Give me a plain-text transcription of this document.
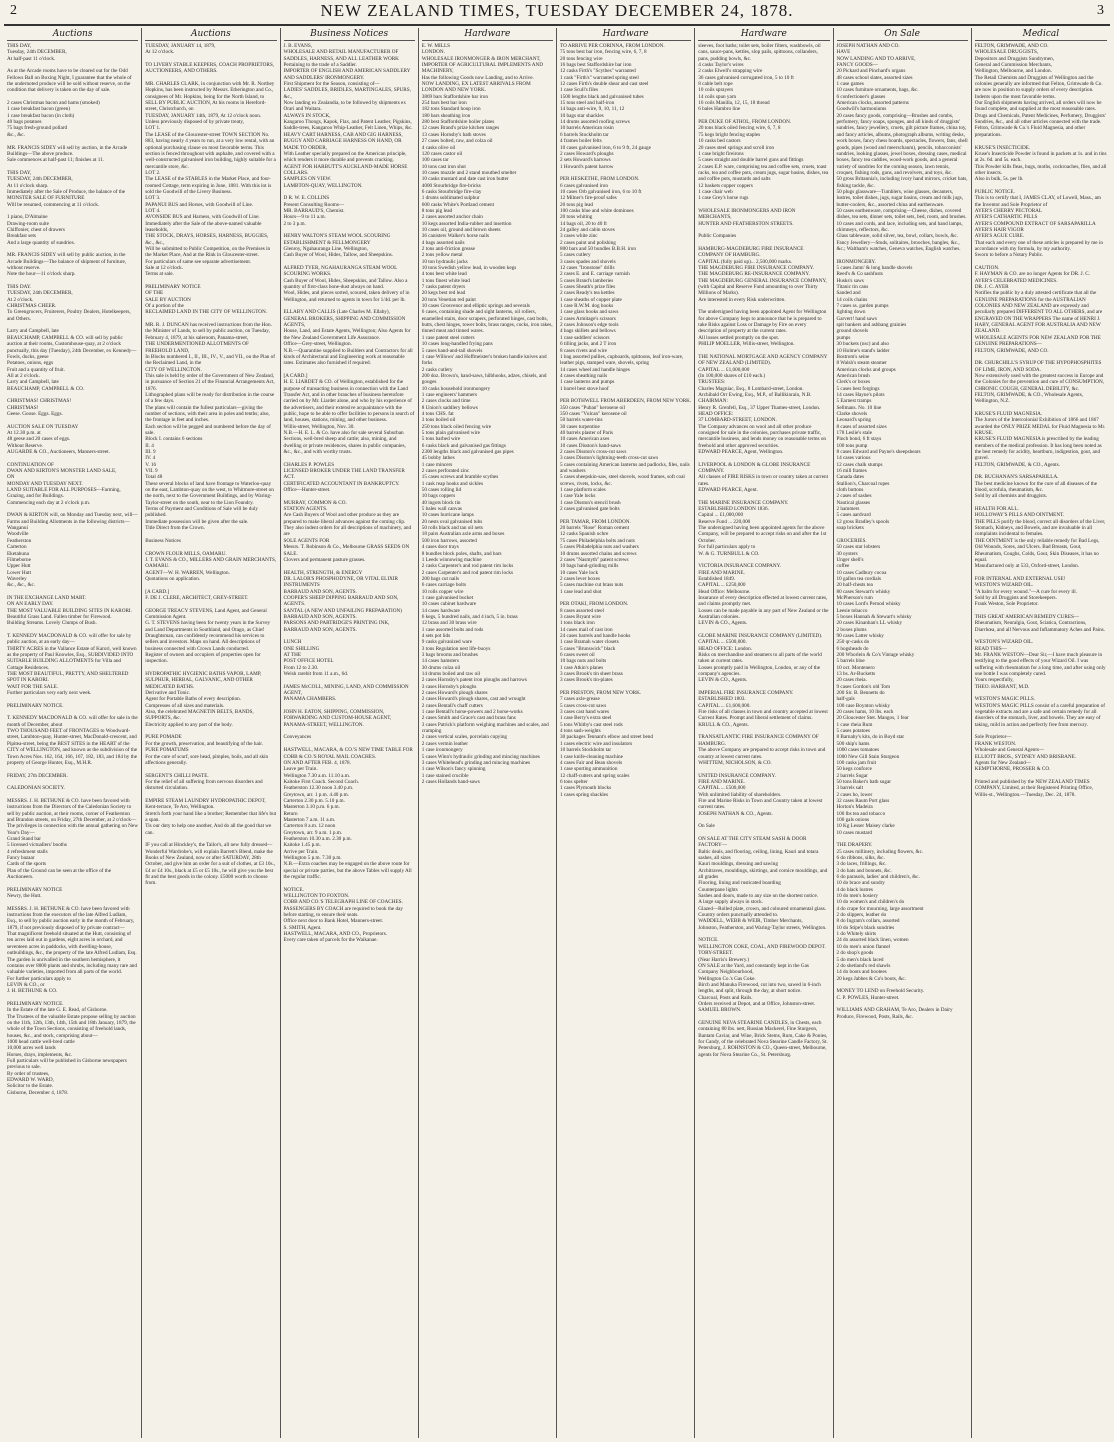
2	NEW ZEALAND TIMES, TUESDAY DECEMBER 24, 1878.	3
Auctions
THIS DAY,
Tuesday, 24th DECEMBER,
At half-past 11 o'clock.

As at the Arcade rooms have to be cleared out for the Odd Fellows Ball on Boxing Night, I guarantee that the whole of the undernoted produce will be sold without reserve, on the condition that delivery is taken on the day of sale.

2 cases Christmas bacon and hams (smoked)
1 case breakfast bacon (green)
1 case breakfast bacon (in cloth)
40 bags potatoes
75 bags fresh-ground pollard
&c., &c.

MR. FRANCIS SIDEY will sell by auction, in the Arcade Buildings—The above produce.
Sale commences at half-past 11; finishes at 11.

THIS DAY,
TUESDAY, 24th DECEMBER,
At 11 o'clock sharp.
Immediately after the Sale of Produce, the balance of the
MONSTER SALE OF FURNITURE
Will be resumed, commencing at 11 o'clock.

1 piano, D'Almaine
Drawing-room suite
Chiffonier, chest of drawers
Breakfast sets
And a large quantity of sundries.

MR. FRANCIS SIDEY will sell by public auction, in the Arcade Buildings—The balance of shipment of furniture, without reserve.
Note the hour—11 o'clock sharp.

THIS DAY.
TUESDAY, 24th DECEMBER,
At 2 o'clock.
CHRISTMAS CHEER.
To Greengrocers, Fruiterers, Poultry Dealers, Hotelkeepers, and Others.

Larry and Campbell, late
BEAUCHAMP, CAMPBELL & CO. will sell by public auction at their rooms, Customhouse-quay, at 2 o'clock punctually, this day (Tuesday), 24th December, ex Kennedy—
Fowls, ducks, geese
Potatoes, onions, eggs
Fruit and a quantity of fruit.
All at 2 o'clock.
Larry and Campbell, late
BEAUCHAMP, CAMPBELL & CO.

CHRISTMAS! CHRISTMAS!
CHRISTMAS!
Geese. Goose. Eggs. Eggs.

AUCTION SALE ON TUESDAY
At 12.30 p.m. at
48 geese and 20 cases of eggs.
Without Reserve.
AUGARDE & CO., Auctioneers, Manners-street.

CONTINUATION OF
DWAN AND KIRTON'S MONSTER LAND SALE,
ON
MONDAY AND TUESDAY NEXT.
LAND SUITABLE FOR ALL PURPOSES—Farming, Grazing, and for Buildings.
Commencing each day at 2 o'clock p.m.

DWAN & KIRTON will, on Monday and Tuesday next, will—
Farms and Building Allotments in the following districts—
Wanganui
Woodville
Featherston
Carterton
Eketahuna
Filmeborne
Upper Hutt
Lower Hutt
Waverley
&c., &c., &c.

IN THE EXCHANGE LAND MART.
ON AN EARLY DAY.
THE MOST VALUABLE BUILDING SITES IN KARORI.
Beautiful Grass Land. Fallen timber for Firewood.
Building Streams. Lovely Clumps of Bush.

T. KENNEDY MACDONALD & CO. will offer for sale by public auction, at an early day—
THIRTY ACRES in the Vallance Estate of Karori, well known as the property of Paul Knowles, Esq., SUBDIVIDED INTO SUITABLE BUILDING ALLOTMENTS for Villa and Cottage Residences.
THE MOST BEAUTIFUL, PRETTY, AND SHELTERED SPOT IN KARORI.
WAIT FOR THE SALE.
Further particulars very early next week.

PRELIMINARY NOTICE.

T. KENNEDY MACDONALD & CO. will offer for sale in the month of December, about
TWO THOUSAND FEET of FRONTAGES to Woodward-street, Lambton-quay, Hunter-street, MacDonald-crescent, and Pipitea-street, being the BEST SITES in the HEART of the CITY of WELLINGTON, and known as the subdivision of the Town Acres Nos. 162, 164, 166, 167, 182, 183, and 184 by the property of George Hunter, Esq., M.H.R.

FRIDAY, 27th DECEMBER.

CALEDONIAN SOCIETY.

MESSRS. J. H. BETHUNE & CO. have been favored with instructions from the Directors of the Caledonian Society to sell by public auction, at their rooms, corner of Featherston and Brandon streets, on Friday, 27th December, at 2 o'clock—
The privileges in connection with the annual gathering on New Year's Day—
Grand Stand bar
5 licensed victuallers' booths
4 refreshment stalls
Fancy bazaar
Cards of the sports
Plan of the Ground can be seen at the office of the Auctioneers.

PRELIMINARY NOTICE
Newry, the Hutt.

MESSRS. J. H. BETHUNE & CO. have been favored with instructions from the executors of the late Alfred Ludlam, Esq., to sell by public auction early in the month of February, 1879, if not previously disposed of by private contract—
That magnificent freehold situated at the Hutt, consisting of ten acres laid out in gardens, eight acres in orchard, and seventeen acres in paddocks, with dwelling-house, outbuildings, &c., the property of the late Alfred Ludlam, Esq.
The garden is unrivalled in the southern hemisphere, it contains over 8000 plants and shrubs, including many rare and valuable varieties, imported from all parts of the world.
For further particulars apply to
LEVIN & CO., or
J. H. BETHUNE & CO.

PRELIMINARY NOTICE.
In the Estate of the late G. E. Read, of Gisborne.
The Trustees of the valuable Estate propose selling by auction on the 11th, 12th, 13th, 14th, 15th and 18th January, 1879, the whole of the Town Sections, consisting of freehold lands, houses, &c., and stock, comprising about—
1000 head cattle well-bred cattle
10,000 acres well lands
Horses, drays, implements, &c.
Full particulars will be published in Gisborne newspapers previous to sale.
By order of trustees,
EDWARD W. WARD,
Solicitor to the Estate.
Gisborne, December 4, 1878.
Auctions
TUESDAY, JANUARY 14, 1879,
At 12 o'clock.

TO LIVERY STABLE KEEPERS, COACH PROPRIETORS, AUCTIONEERS, AND OTHERS.

MR. CHARLES CLARK, in conjunction with Mr. R. Northey Hopkins, has been instructed by Messrs. Etherington and Co., consignees of Mr. Hopkins, being for the North Island, to SELL BY PUBLIC AUCTION, At his rooms in Hereford-street, Christchurch, on
TUESDAY, JANUARY 14th, 1879, At 12 o'clock noon.
Unless previously disposed of by private treaty,
LOT 1.
The LEASE of the Gloucester-street TOWN SECTION No. 883, having nearly 4 years to run, at a very low rental, with an optional purchasing clause on most favorable terms. This section is fenced throughout with asphalte, and covered with a well-constructed galvanised iron building, highly suitable for a mercantile store, &c.
LOT 2.
The LEASE of the STABLES in the Market Place, and four-roomed Cottage, term expiring in June, 1881. With this lot is sold the Goodwill of the Livery Business.
LOT 3.
PAPANUI BUS and Horses, with Goodwill of Line.
LOT 4.
AVONSIDE BUS and Harness, with Goodwill of Line.
Immediately after the Sale of the above-named valuable leaseholds,
THE STOCK, DRAYS, HORSES, HARNESS, BUGGIES, &c., &c.,
Will be submitted to Public Competition, on the Premises in the Market Place, And at the Rink in Gloucester-street.
For particulars of same see separate advertisement.
Sale at 12 o'clock.
Terms at sale.

PRELIMINARY NOTICE
OF THE
SALE BY AUCTION
Of a portion of the
RECLAIMED LAND IN THE CITY OF WELLINGTON.

MR. R. J. DUNCAN has received instructions from the Hon. the Minister of Lands, to sell by public auction, on Tuesday, February 4, 1879, at his saleroom, Panama-street,
THE UNDERMENTIONED ALLOTMENTS OF FREEHOLD LAND,
In Blocks numbered I., II., III., IV., V., and VII., on the Plan of the Reclaimed Land, in the
CITY OF WELLINGTON.
This sale is held by order of the Government of New Zealand, in pursuance of Section 21 of the Financial Arrangements Act, 1876.
Lithographed plans will be ready for distribution in the course of a few days.
The plans will contain the fullest particulars—giving the number of sections, with their area in poles and tenths; also, the frontage in feet and inches.
Each section will be pegged and numbered before the day of sale.
Block I. contains 6 sections
II. 4
III. 9
IV. 4
V. 16
VII. 9
Total 48
These several blocks of land have frontage to Waterloo-quay on the east, Lambton-quay on the west, to Whitmore-street on the north, next to the Government Buildings, and by Waring-Taylor-street on the south, near to the Lion Foundry.
Terms of Payment and Conditions of Sale will be duly published.
Immediate possession will be given after the sale.
Title Direct from the Crown.

Business Notices

CROWN FLOUR MILLS, OAMARU.
J. T. EVANS & CO., MILLERS AND GRAIN MERCHANTS, OAMARU.
AGENT—W. H. WARREN, Wellington.
Quotations on application.

[A CARD.]
F. DE J. CLERE, ARCHITECT, GREY-STREET.

GEORGE TREACY STEVENS, Land Agent, and General Commission Agent.
G. T. STEVENS having been for twenty years in the Survey and Land Departments in Southland, and Otago, as Chief Draughtsman, can confidently recommend his services to sellers and investors. Maps on hand. All descriptions of business connected with Crown Lands conducted.
Register of owners and occupiers of properties open for inspection.

HYDROPATHIC HYGIENIC BATHS VAPOR, LAMP, SULPHUR, HERBAL, GALVANIC, AND OTHER MEDICATED BATHS.
Derivative and Tonic.
Agent for Portable Baths of every description.
Compresses of all sizes and materials.
Also, the celebrated MAGNETIN BELTS, BANDS, SUPPORTS, &c.
Electricity applied to any part of the body.

PURE POMADE
For the growth, preservation, and beautifying of the hair.
PURE POMATUMS
For the cure of scurf, sore head, pimples, boils, and all skin affections generally.

SERGENT'S CHILLI PASTE.
For the relief of all suffering from nervous disorders and distorted circulation.

EMPIRE STEAM LAUNDRY HYDROPATHIC DEPOT, Kent-terrace, Te Aro, Wellington.
Stretch forth your hand like a brother; Remember that life's but a span.
Tis our duty to help one another, And do all the good that we can.

IF you call at Hinckley's, the Tailor's, all new fully dressed—Wonderful Wardrobe's, will explain Barrett's Blend, make the Books of New Zealand, now or after SATURDAY, 28th October, and give him an order for a suit of clothes, at £3 10s., £4 or £4 10s., black at £5 or £5 10s., he will give you the best fit and the best goods in the colony. £5000 worth to choose from.
Business Notices
J. B. EVANS,
WHOLESALE AND RETAIL MANUFACTURER OF SADDLES, HARNESS, AND ALL LEATHER WORK
Pertaining to the trade of a Saddler.
IMPORTER OF ENGLISH AND AMERICAN SADDLERY AND SADDLERS' IRONMONGERY.
First Shipment for the Season, consisting of—
LADIES' SADDLES, BRIDLES, MARTINGALES, SPURS, &c.,
Now landing ex Zealandia, to be followed by shipments ex Orari and Waitara.
ALWAYS IN STOCK,
Kangaroo Thongs, Kapok, Flax, and Patent Leather, Pigskins, Saddle-trees, Kangaroo Whip-Leather, Felt Linen, Whips, &c.
HEAVY CART HARNESS, CAB AND GIG HARNESS, BUGGY AND CARRIAGE HARNESS ON HAND, OR MADE TO ORDER,
With Leather specially prepared on the American principle, which renders it more durable and prevents cracking.
AGENT FOR HARBUTT'S AUCKLAND-MADE HORSE COLLARS.
SAMPLES ON VIEW.
LAMBTON-QUAY, WELLINGTON.

D R. W. E. COLLINS
Present Consulting Rooms—
MR. BARRAUD'S, Chemist.
Hours—9 to 11 a.m.
2 to 3 p.m.

HENRY WALTON'S STEAM WOOL SCOURING ESTABLISHMENT & FELLMONGERY
Glenroy, Ngahauranga Line, Wellington,
Cash Buyer of Wool, Hides, Tallow, and Sheepskins.

ALFRED TYER, NGAHAURANGA STEAM WOOL SCOURING WORKS.
Cash Buyer of Wool, Hides, Sheepskins, and Tallow. Also a quantity of first-class bone-dust always on hand.
Wool, Hides, and pieces sorted, scoured, taken delivery of in Wellington, and returned to agents in town for 1/4d. per lb.

ELLABY AND CALLIS (Late Charles M. Ellaby), GENERAL BROKERS, SHIPPING AND COMMISSION AGENTS,
House, Land, and Estate Agents, Wellington; Also Agents for the New Zealand Government Life Assurance.
Office—Grey-street, Wellington.
N.B.—Quarantine supplied to Builders and Contractors for all kinds of Architectural and Engineering work at reasonable rates. Estimates also furnished if required.

[A CARD.]
H. E. LIARDET & CO. of Wellington, established for the purpose of transacting business in connection with the Land Transfer Act, and in other branches of business heretofore carried on by Mr. Liardet alone, and who by his experience of the advertisers, and their extensive acquaintance with the public, hope to be able to offer facilities to persons in search of land, houses, stations, mining, and other business.
Willis-street, Wellington, Nov. 30.
N.B.—H. E. L. & Co. have also for sale several Suburban Sections, well-bred sheep and cattle; also, mining, and dwelling or private residences, shares in public companies, &c., &c., and with worthy trusts.

CHARLES P. POWLES
LICENSED BROKER UNDER THE LAND TRANSFER ACT.
CERTIFICATED ACCOUNTANT IN BANKRUPTCY.
Office—Hunter-street.

MURRAY, COMMON & CO.
STATION AGENTS.
Are Cash Buyers of Wool and other produce as they are prepared to make liberal advances against the coming clip.
They also indent orders for all descriptions of machinery, and are
SOLE AGENTS FOR
Messrs. T. Robinson & Co., Melbourne GRASS SEEDS ON SALE.
Clovers and permanent pasture grasses.

HEALTH, STRENGTH, & ENERGY
DR. LALOR'S PHOSPHODYNE, OR VITAL ELIXIR INSTRUMENTS
BARRAUD AND SON, AGENTS.
COOPER'S SHEEP DIPPING BARRAUD AND SON, AGENTS.
SANTAL (A NEW AND UNFAILING PREPARATION) BARRAUD AND SON, AGENTS.
PARSONS AND PARTRIDGE'S PRINTING INK,
BARRAUD AND SON, AGENTS.

LUNCH
ONE SHILLING
AT THE
POST OFFICE HOTEL
From 12 to 2.30.
Welsh rarebit from 11 a.m., 6d.

JAMES McCOLL, MINING, LAND, AND COMMISSION AGENT,
PANAMA CHAMBERS.

JOHN H. EATON, SHIPPING, COMMISSION, FORWARDING AND CUSTOM-HOUSE AGENT,
PANAMA-STREET, WELLINGTON.

Conveyances

HASTWELL, MACARA, & CO.'S NEW TIME TABLE FOR COBB & CO.'S ROYAL MAIL COACHES.
ON AND AFTER FEB. 4, 1878.
Leave per Train.
Wellington 7.30 a.m. 11.10 a.m.
Kaitoke First Coach. Second Coach.
Featherston 12.30 noon 3.40 p.m.
Greytown, arr. 1 p.m. 4.40 p.m.
Carterton 2.30 p.m. 5.10 p.m.
Masterton 3.10 p.m. 6 p.m.
Return
Masterton 7 a.m. 11 a.m.
Carterton 8 a.m. 12 noon
Greytown, arr. 9 a.m. 1 p.m.
Featherston 10.30 a.m. 2.30 p.m.
Kaitoke 1.45 p.m.
Arrive per Train.
Wellington 5 p.m. 7.30 p.m.
N.B.—Extra coaches may be engaged on the above route for special or private parties, but the above Tables will supply All the regular traffic.

NOTICE.
WELLINGTON TO FOXTON.
COBB AND CO.'S TELEGRAPH LINE OF COACHES.
PASSENGERS BY COACH are required to book the day before starting, to ensure their seats.
Office next door to Bank Hotel, Manners-street.
S. SMITH, Agent.
HASTWELL, MACARA, AND CO., Proprietors.
Every care taken of parcels for the Waikanae.
Hardware
E. W. MILLS
LONDON.
WHOLESALE IRONMONGER & IRON MERCHANT,
IMPORTER OF AGRICULTURAL IMPLEMENTS AND MACHINERY,
Has the following Goods now Landing, and to Arrive.
NOW LANDING, EX LATEST ARRIVALS FROM LONDON AND NEW YORK.
3869 bars Staffordshire bar iron
254 bars best bar iron
182 tons Standard hoop iron
180 bars sheathing iron
280 best Staffordshire boiler plates
12 cases Brand's prize kitchen ranges
13 cases Hornsby's bath stoves
27 cases bolted, raw, and colza oil
4 casks olive oil
120 cases castor oil
100 cases tar
10 tons cast iron shot
10 cases muzzle and 2 stand mouthed smelter
10 casks mustard and date cast iron butter
4000 Stourbridge fire-bricks
6 casks Stourbridge fire-clay
1 drums sublimated sulphur
600 casks White's Portland cement
8 tons pig lead
2 cases assorted anchor chain
10 kegs assorted India-rubber and insertion
10 cases oil, ground and brown sheets
36 canisters Walker's horse nails
4 bags assorted nails
2 tons anti-friction grease
2 tons yellow metal
10 ton hydraulic jacks
10 tons Swedish yellow lead, in wooden kegs
4 tons best white lead
1 tons finest white lead
7 casks patent dryers
20 kegs best red lead
20 tons Venetian red paint
10 cases Grosvenor and elliptic springs and severals
6 cases, containing shade and sight lanterns, oil rollers, enamelled stairs, door scrapers, perforated hinges, cast bolts, butts, chest hinges, tower bolts, brass ranges, cocks, iron rakes, tinned meat and tinned wares.
1 case patent steel cutters
10 cases long-handled frying pans
5 cases hand-and-tail shovels
1 case Willows' and Hoffmeister's broken handle knives and forks
2 casks cutlery
200 doz. Brown's, hand-saws, hilbhooks, adzes, chisels, and gouges
10 casks household ironmongery
1 case engineers' hammers
2 cases clocks and time
8 Union's saddlery bellows
4 tons CHS. fat
3 tons boiled oil
250 tons black oiled fencing wire
5 tons plain galvanised wire
5 tons barbed wire
6 casks black and galvanised gas fittings
2300 lengths black and galvanised gas pipes
45 bobby lathes
1 case mincers
2 cases perforated zinc
15 cases screws and bramble scythes
1 cask reap hooks and sickles
50 cases rolling lid
10 bags coppers
40 ingots block tin
5 bales wall canvas
10 cases hurricane lamps
20 nests oval galvanised tubs
50 rolls black and tan oil nets
18 pairs Australian axle arms and boxes
500 iron harrows, assorted
4 cases door trays
8 bundles block poles, shafts, and bars
1 Leeds winnowing machine
2 casks Carpenter's and rod patent rim locks
2 cases Carpenter's and rod patent rim locks
200 bags cut nails
6 cases carriage bolts
10 rolls copper wire
1 case galvanised bucket
10 cases cabinet hardware
14 cases hardware
6 kegs, 5 hundred nails, and 4 inch, 5 in. brass
12 brass and 30 brass wire
1 case assorted bolts and rods
4 sets pot lids
9 casks galvanized ware
3 tons Regulation nest life-buoys
3 bags brooms and brushes
14 cases hamsters
30 drums colza oil
14 drums boiled and raw oil
2 cases Hornsby's patent iron ploughs and harrows
3 cases Hornsby's ploughs
2 cases Howard's plough shares
2 cases Howard's plough shares, cast and wrought
2 cases Bentall's chaff cutters
1 case Bentall's horse-powers and 2 horse-works
2 cases Smith and Grace's cast and brass fans
3 cases Patrick's platform weighing machines and scales, and cramping
2 cases vertical scales, porcelain copying
2 cases vermin leather
1 case ironmongery
5 cases Winn's hydraulic grinding and mincing machines
3 cases Whitehead's grinding and mincing machines
1 case Wilson's fancy spinning
1 case stained crucible
2 cases Hollands hand-saws
Hardware
TO ARRIVE PER CORINNA, FROM LONDON.
75 tons best bar iron, fencing wire, 6, 7, 8
20 tons fencing wire
16 bags best Staffordshire bar iron
12 casks Firth's "Scythes" warranted
1 cask "Firth's" warranted spring steel
12 cases Firth's double shear and cast steel
1 case Scull's files
1500 lengths black and galvanised tubes
15 tons steel and half-iron
14 bags anti-wire, 9, 10, 11, 12
10 bags star shackles
14 drums assorted roofing screws
10 barrels American rosin
6 barrels Stockholm tar
4 frames boiler felts
10 cases galvanised iron, 6 to 9 ft, 24 gauge
2 cases Howard's ploughs
2 sets Howard's harrows
1 Howard's patent harrow

PER HESKETHE, FROM LONDON.
6 cases galvanised iron
10 cases Orb galvanised iron, 6 to 10 ft
12 Milner's fire-proof safes
20 tons pig lead
100 casks blue and white dominoes
20 tons whiting
14 bags oil, 20 to 40 ft
24 galley and cabin stoves
3 cases white zinc
2 cases paint and polishing
800 bars and 50 bundles B.B.H. iron
5 cases cutlery
3 cases spades and shovels
12 cases "Ironstone" drills
2 cases E. and E. carriage varnish
5 cases Brand's lamberies
5 cases Sheath's prize files
2 cases Ready's tea kettles
1 case sheaths of copper plate
1 case R.W.M. dog hooks
1 case glass hooks and saws
2 cases Armitage's scissors
2 cases Johnson's edge tools
4 bags skillets and bellows
1 case saddlers' scissors
6 tilling jacks, and 2 T iron
8 cases rivets and wire
1 bag assorted pullies, cupboards, spittoons, leaf iron-ware, leather pigs, stamped ware, shovels, spring
14 cases wheel and handle hinges
4 cases sheathing nails
1 case lanterns and pumps
1 barrel best stove hoof

PER BOTHWELL FROM ABERDEEN, FROM NEW YORK.
350 cases "Puban" kerosene oil
350 cases "Vulcan" kerosene oil
50 barrels water-tins
30 cases turpentine
40 barrels plaster of Paris
10 cases American axes
10 cases Disston's hand-saws
2 cases Disston's cross-cut saws
3 cases Disston's lightning-teeth cross-cut saws
5 cases containing American lanterns and padlocks, files, nails and washers
5 cases sheepskin-saw, steel shovels, wood frames, soft coal screws, rivets, locks, &c.
1 case platform scales
1 case Yale locks
1 case Disston's stencil brush
2 cases galvanised gate bolts

PER TAMAR, FROM LONDON.
20 barrels "Rose" Roman cement
12 casks Spanish ochre
75 cases Philadelphia bolts and nuts
5 cases Philadelphia nuts and washers
10 drums assorted chains and screws
2 cases "Nasmyth" patent screws
10 bags hand-grinding mills
10 cases Yale lock
2 cases lever boxes
5 cases machine cut brass nuts
1 case lead and shot

PER OTAKI, FROM LONDON.
8 cases assorted steel
3 cases Bryant wire
1 tons black iron
14 cases mail of cast iron
24 cases barrels and handle hooks
1 case Bramah water closets
5 cases "Brunswick" black
6 cases sweet oil
10 bags nuts and bolts
1 case Atkin's planes
3 cases Brook's tin sheet brass
3 cases Brook's tin-plates

PER PRESTON, FROM NEW YORK.
7 cases axle-grease
5 cases cross-cut saws
3 cases cast hand wares
1 case Berry's extra steel
5 tons Whitby's cast steel rods
4 tons sash-weights
30 packages Tennant's elbow and street bend
1 cases electric wire and insulators
10 barrels Stockholm tar
1 case knife-cleaning machine
4 cases Fair and Bean shovels
1 case sporting ammunition
12 chaff-cutters and spring scales
6 tons spelter
1 cases Plymouth blocks
1 cases spring shackles
Hardware
sleeves, foot baths; toilet sets, boiler filters, washbowls, oil cans, sauce-pans, kettles, slop pails, spittoons, collanders, pans, pudding bowls, &c.
4 casks Taylor's wires
2 casks Elwell's strapping wire
36 cases galvanised corrugated iron, 5 to 10 ft
8 cable belt rope
10 coils sprayers
14 coils spun yarn
16 coils Manilla, 12, 15, 18 thread
6 bales Hambro line

PER DUKE OF ATHOL, FROM LONDON.
20 tons black oiled fencing wire, 6, 7, 8
75 kegs bright fencing staples
10 casks bed castors
20 cases steel springs and scroll iron
1 case bright fireirons
5 cases straight and double barrel guns and fittings
2 cases E.P. ware, comprising tea and coffee sets, cruets, toast racks, tea and coffee pots, cream jugs, sugar basins, dishes, tea and coffee pots, mustards and salts
12 baskets copper coppers
1 case chair web
1 case Grey's horse rugs

WHOLESALE IRONMONGERS AND IRON MERCHANTS,
HUNTER AND FEATHERSTON STREETS.

Public Companies

HAMBURG-MAGDEBURG FIRE INSURANCE COMPANY OF HAMBURG.
CAPITAL (fully paid up)... 2,500,000 marks.
THE MAGDEBURG FIRE INSURANCE COMPANY.
THE MAGDEBURG RE-INSURANCE COMPANY.
THE MAGDEBURG GENERAL INSURANCE COMPANY,
(with Capital and Reserve Fund amounting to over Thirty Millions of Marks).
Are interested in every Risk underwritten.

The undersigned having been appointed Agent for Wellington for above Company begs to announce that he is prepared to take Risks against Loss or Damage by Fire on every description of property at the current rates.
All losses settled promptly on the spot.
PHILIP MOELLER, Willis-street, Wellington.

THE NATIONAL MORTGAGE AND AGENCY COMPANY OF NEW ZEALAND (LIMITED).
CAPITAL ... £1,000,000
(In 100,000 shares of £10 each.)
TRUSTEES:
Charles Magniac, Esq., 8 Lombard-street, London.
Archibald Orr Ewing, Esq., M.P., of Ballikinrain, N.B.
CHAIRMAN:
Henry R. Grenfell, Esq., 37 Upper Thames-street, London.
HEAD OFFICE:
37 LOMBARD-STREET, LONDON.
The Company advances on wool and all other produce consigned for sale in the colonies, purchases private traffic, mercantile business, and lends money on reasonable terms on freehold and other approved securities.
EDWARD PEARCE, Agent, Wellington.

LIVERPOOL & LONDON & GLOBE INSURANCE COMPANY.
All classes of FIRE RISKS in town or country taken at current rates.
EDWARD PEARCE, Agent.

THE MARINE INSURANCE COMPANY.
ESTABLISHED LONDON 1836.
Capital ... £1,000,000
Reserve Fund ... 220,000
The undersigned having been appointed agents for the above Company, will be prepared to accept risks on and after the 1st October.
For full particulars apply to
W. & G. TURNBULL & CO.

VICTORIA INSURANCE COMPANY.
FIRE AND MARINE.
Established 1849.
CAPITAL ... £250,000
Head Office: Melbourne.
Insurance of every description effected at lowest current rates, and claims promptly met.
Losses can be made payable in any part of New Zealand or the Australian colonies.
LEVIN & CO., Agents.

GLOBE MARINE INSURANCE COMPANY (LIMITED).
CAPITAL ... £500,000.
HEAD OFFICE: London.
Risks on merchandise and steamers to all parts of the world taken at current rates.
Losses promptly paid in Wellington, London, or any of the company's agencies.
LEVIN & CO., Agents.

IMPERIAL FIRE INSURANCE COMPANY.
ESTABLISHED 1803.
CAPITAL ... £1,600,000.
Fire risks of all classes in town and country accepted at lowest Current Rates. Prompt and liberal settlement of claims.
KRULL & CO., Agents.

TRANSATLANTIC FIRE INSURANCE COMPANY OF HAMBURG.
The above Company are prepared to accept risks in town and country at lowest current rates.
WHITTEM, NICHOLSON, & CO.

UNITED INSURANCE COMPANY.
FIRE AND MARINE.
CAPITAL ... £500,000
With unlimited liability of shareholders.
Fire and Marine Risks in Town and Country taken at lowest current rates.
JOSEPH NATHAN & CO., Agents.

On Sale

ON SALE AT THE CITY STEAM SASH & DOOR FACTORY—
Baltic deals, and flooring, ceiling, lining, Kauri and totara sashes, all sizes
Kauri mouldings, dressing and sawing
Architraves, mouldings, skirtings, and cornice mouldings, and all grades
Flooring, lining and rusticated boarding
Counterpane lights
Sashes and doors, made to any size on the shortest notice.
A large supply always in stock.
Glazed—Rolled plate, crown, and coloured ornamental glass.
Country orders punctually attended to.
WADDELL, WEBB & WEIR, Timber Merchants,
Johnston, Featherston, and Waring-Taylor streets, Wellington.

NOTICE.
WELLINGTON COKE, COAL, AND FIREWOOD DEPOT.
TORY-STREET.
(Near Harris's Brewery.)
ON SALE at the Yard, and constantly kept in the Gas Company Neighbourhood,
Wellington Co.'s Gas Coke.
Birch and Manuka Firewood, cut into two, sawed in 6-inch lengths, and split, through the day, at short notice.
Charcoal, Posts and Rails.
Orders received at Depot, and at Office, Johnston-street.
SAMUEL BROWN.

GENUINE NEVA STEARINE CANDLES, in Chests, each containing 80 lbs. nett, Russian Mackerel, Fine Sturgeon, Bantam Caviar, and Wine, Brick Stems, Rum, Cake & Ponies, for Candy, of the celebrated Nova Stearine Candle Factory, St. Petersburg, J. ROHNSTON & CO., Queen-street, Melbourne, agents for Nova Stearine Co., St. Petersburg.
On Sale
JOSEPH NATHAN AND CO.
HAVE
NOW LANDING AND TO ARRIVE,
FANCY GOODS—
20 Pickard and Pinchard's organs
48 cases school slates, assorted sizes
1 case games
10 cases furniture ornaments, bags, &c.
6 confectioner's glasses
American clocks, assorted patterns
Goodwill's harmoniums
20 cases fancy goods, comprising—Brushes and combs, perfumery, fancy soaps, sponges, and all kinds of druggists' sundries, fancy jewellery, cruets, gilt picture frames, china toy, and fancy articles, albums, photograph albums, writing desks, work boxes, fancy chess boards, spectacles, flowers, fans, shell goods, pipes (wood and meerschaum), pencils, tobacconists' sundries, looking glasses, jewel boxes, dressing cases, medical boxes, fancy tea caddies, wood-work goods, and a general variety of sundries for the coming season, lawn tennis, croquet, fishing rods, guns, and revolvers, and toys, &c.
50 gross Britannia's, including ivory hand mirrors, cricket bats, fishing tackle, &c.
50 plugs glassware—Tumblers, wine glasses, decanters, lustres, toilet dishes, jugs, sugar basins, cream and milk jugs, butter-coolers, &c., assorted china and earthenware.
50 cases earthenware, comprising—Cheese, dishes, covered dishes, tea sets, dinner sets, toilet sets, bed, room, and brushes.
10 cases and cords, and lace, including sets, and hand lamps, chimneys, reflectors, &c.
Glass tableware, solid silver, tea, bowl, collars, bowls, &c.
Fancy Jewellery—Studs, solitaires, brooches, bangles, &c., &c.; Waltham's watches, Geneva watches, English watches.

IRONMONGERY.
5 cases Jamn' & long handle shovels
Reed's & Co sashfusts
Husks's saws
Titanic tin cans
Sanded and
14 coils chains
7 cases ss. garden pumps
lighting down
Garvert! hand saws
spit bankers and ashbang grainies
ground shovels
pumps
30 buckets (nsc) and also
10 Holme's stand's ladder
Bostrom's seine
8 Walsh's steam steamer
American clocks and groups
American brush
Clerk's or boxes
5 cases best forgings
14 cases Hayne's pilots
5 Earnest tramps
Sellmans. No. 10 line
Clarke shovels
Leonard's spring
8 cases of assorted sizes
178 Leslie's stale
Pinch bond, 6 ft stays
100 tons pump
8 cases Edward and Payne's sheepshears
14 cases various
12 cases chalk stumps
16 mill frames
Canada dates
Stallion's, Charcoal ropes
cloth buttons
2 cases of sashes
Nautical glasses
2 hammers
5 cases aardvard
12 gross Bradley's spools
soap brickets

GROCERIES.
50 cases star lobsters
30 oysters
Unger shell's
coffee
10 cases Cadbury cocoa
10 gallon tea cordials
20 half-chests tea
80 cases Stewart's whisky
McPherson's rum
10 cases Lord's Pernod whisky
Leesie tobacco
5 boxes Hannah & Stewart's whisky
20 cases Kinanhan's LL whisky
2 boxes plums
90 cases Latter whisky
250 qr-casks do
6 hogsheads do
200 Whorlein & Co's Vintage whisky
5 barrels blue
10 oct. Montenero
13 bs. Ar-Bucketts
20 cases rheia.
9 cases Gordon's old Tom
200 Sir. B. Bennetts do
half-gals
100 case Boynton whisky
20 cases hams, 10 lbs. each
20 Gloucester Stet. Mangos, 1 fear
1 case rheia Rum
5 cases potatoes
8 Barnaby's kits, do in Boyd stat
500 ship's hams
1000 cases tomatoes
1000 New Gill Stain Sturgeon
100 casks jam fruit
50 kegs conforce
2 barrels Sugar
50 tons Baker's bath sugar
3 barrels salt
2 cases ho, lower
32 cases Raum Port glass
Horton's Madeira
100 lbs tea and tobacco
100 gals onions
10 Kg Lesser Maisey clarke
10 cases mustard

THE DRAPERY.
25 cases millinery, including flowers, &c.
6 do ribbons, silks, &c.
3 do laces, frillings, &c.
3 do hats and bonnets, &c.
6 do parasols, ladies' and children's, &c.
10 do brace and sundry
4 do black lustres
10 do men's hosiery
10 do women's and children's do
4 do crape for mourning, large assortment
2 do slippers, leather do
8 do Ingram's collars, assorted
10 do Stipe's black sundries
1 do Whitely shirts
24 do assorted black linen, women
10 do men's union flannel
2 do shop's goods
5 do men's black laced
2 do shetland's red shawls
14 do boots and bootees
20 kegs Jabbes & Co's boots, &c.

MONEY TO LEND on Freehold Security.
C. P. POWLES, Hunter-street.

WILLIAMS AND GRAHAM, Te Aro, Dealers in Dairy Produce, Firewood, Posts, Rails, &c.
Medical
FELTON, GRIMWADE, AND CO.
WHOLESALE DRUGGISTS,
Depositors and Druggists Sundrymen,
General and Commission Merchants,
Wellington, Melbourne, and London.
The Retail Chemists and Druggists of Wellington and the colonies generally are informed that Felton, Grimwade & Co. are now in position to supply orders of every description.
Indents upon the most favorable terms.
Our English shipments having arrived, all orders will now be found complete, and supplied at the most reasonable rates.
Drugs and Chemicals, Patent Medicines, Perfumery, Druggists' Sundries, &c., and all other articles connected with the trade.
Felton, Grimwade & Co.'s Fluid Magnesia, and other preparations.

KRUSE'S INSECTICIDE.
Kruse's Insecticide Powder is found in packets at 1s. and in tins at 2s. 6d. and 5s. each.
This Powder kills fleas, bugs, moths, cockroaches, flies, and all other insects.
Also in bulk, 5s. per lb.

PUBLIC NOTICE.
This is to certify that I, JAMES CLAY, of Lowell, Mass., am the Inventor and Sole Proprietor of
AYER'S CHERRY PECTORAL
AYER'S CATHARTIC PILLS
AYER'S COMPOUND EXTRACT OF SARSAPARILLA
AYER'S HAIR VIGOR
AYER'S AGUE CURE.
That each and every one of these articles is prepared by me in accordance with my formula, by my authority.
Sworn to before a Notary Public.

CAUTION.
F. HAYMAN & CO. are no longer Agents for DR. J. C. AYER'S CELEBRATED MEDICINES.
DR. J. C. AYER
Notifies the public by a duly attested certificate that all the GENUINE PREPARATIONS for the AUSTRALIAN COLONIES AND NEW ZEALAND are expressly and peculiarly prepared DIFFERENT TO ALL OTHERS, and are ENGRAVED ON THE WRAPPERS The name of HENRI J. HABY, GENERAL AGENT FOR AUSTRALIA AND NEW ZEALAND.
WHOLESALE AGENTS FOR NEW ZEALAND FOR THE GENUINE PREPARATIONS—
FELTON, GRIMWADE, AND CO.

DR. CHURCHILL'S SYRUP OF THE HYPOPHOSPHITES OF LIME, IRON, AND SODA.
Now extensively used with the greatest success in Europe and the Colonies for the prevention and cure of CONSUMPTION, CHRONIC COUGH, GENERAL DEBILITY, &c.
FELTON, GRIMWADE, & CO., Wholesale Agents, Wellington, N.Z.

KRUSE'S FLUID MAGNESIA.
The Jurors of the Intercolonial Exhibition of 1866 and 1867 awarded the ONLY PRIZE MEDAL for Fluid Magnesia to Mr. KRUSE.
KRUSE'S FLUID MAGNESIA is prescribed by the leading members of the medical profession. It has long been noted as the best remedy for acidity, heartburn, indigestion, gout, and gravel.
FELTON, GRIMWADE, & CO., Agents.

DR. BUCHANAN'S SARSAPARILLA.
The best medicine known for the cure of all diseases of the blood, scrofula, rheumatism, &c.
Sold by all chemists and druggists.

HEALTH FOR ALL.
HOLLOWAY'S PILLS AND OINTMENT.
THE PILLS purify the blood, correct all disorders of the Liver, Stomach, Kidneys, and Bowels, and are invaluable in all complaints incidental to females.
THE OINTMENT is the only reliable remedy for Bad Legs, Old Wounds, Sores, and Ulcers. Bad Breasts, Gout, Rheumatism, Coughs, Colds, Gout, Skin Diseases, it has no equal.
Manufactured only at 533, Oxford-street, London.

FOR INTERNAL AND EXTERNAL USE!
WESTON'S WIZARD OIL.
"A balm for every wound."—A cure for every ill.
Sold by all Druggists and Storekeepers.
Frank Weston, Sole Proprietor.

THIS GREAT AMERICAN REMEDY CURES—
Rheumatism, Neuralgia, Gout, Sciatica, Contractions, Diarrhœa, and all Nervous and Inflammatory Aches and Pains.

WESTON'S WIZARD OIL.
READ THIS—
Mr. FRANK WESTON—Dear Sir,—I have much pleasure in testifying to the good effects of your Wizard Oil. I was suffering with rheumatism for a long time, and after using only one bottle I was completely cured.
Yours respectfully,
THEO. HARBANT, M.D.

WESTON'S MAGIC PILLS.
WESTON'S MAGIC PILLS consist of a careful preparation of vegetable extracts and are a safe and certain remedy for all disorders of the stomach, liver, and bowels. They are easy of taking, mild in action and perfectly free from mercury.

Sole Proprietor—
FRANK WESTON.
Wholesale and General Agents—
ELLIOTT BROS., SYDNEY AND BRISBANE.
Agents for New Zealand—
KEMPTHORNE, PROSSER & CO.

Printed and published by the NEW ZEALAND TIMES COMPANY, Limited, at their Registered Printing Office, Willis-st., Wellington.—Tuesday, Dec. 24, 1878.
